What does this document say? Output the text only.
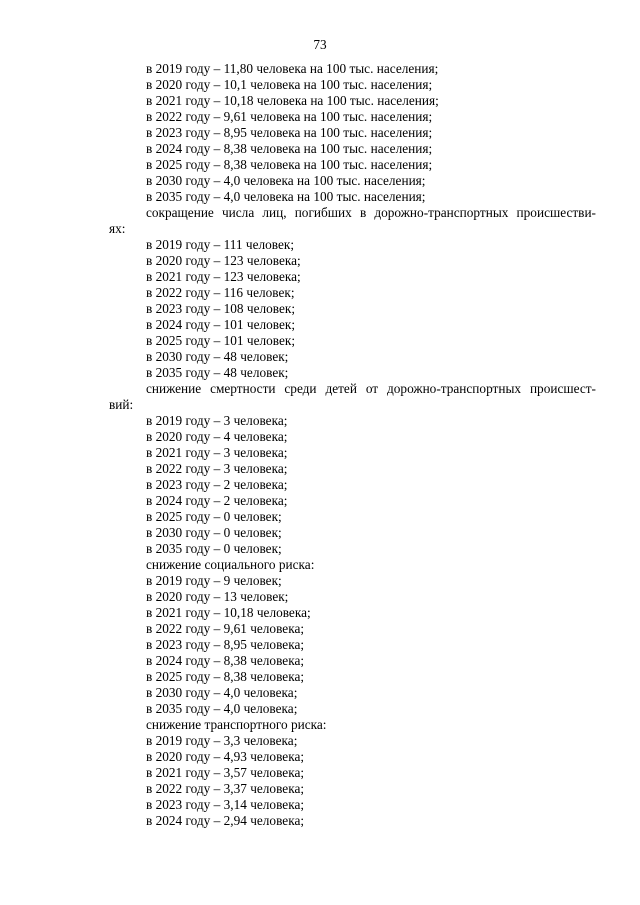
73
в 2019 году – 11,80 человека на 100 тыс. населения;
в 2020 году – 10,1 человека на 100 тыс. населения;
в 2021 году – 10,18 человека на 100 тыс. населения;
в 2022 году – 9,61 человека на 100 тыс. населения;
в 2023 году – 8,95 человека на 100 тыс. населения;
в 2024 году – 8,38 человека на 100 тыс. населения;
в 2025 году – 8,38 человека на 100 тыс. населения;
в 2030 году – 4,0 человека на 100 тыс. населения;
в 2035 году – 4,0 человека на 100 тыс. населения;
сокращение числа лиц, погибших в дорожно-транспортных происшестви-
ях:
в 2019 году – 111 человек;
в 2020 году – 123 человека;
в 2021 году – 123 человека;
в 2022 году – 116 человек;
в 2023 году – 108 человек;
в 2024 году – 101 человек;
в 2025 году – 101 человек;
в 2030 году – 48 человек;
в 2035 году – 48 человек;
снижение смертности среди детей от дорожно-транспортных происшест-
вий:
в 2019 году – 3 человека;
в 2020 году – 4 человека;
в 2021 году – 3 человека;
в 2022 году – 3 человека;
в 2023 году – 2 человека;
в 2024 году – 2 человека;
в 2025 году – 0 человек;
в 2030 году – 0 человек;
в 2035 году – 0 человек;
снижение социального риска:
в 2019 году – 9 человек;
в 2020 году – 13 человек;
в 2021 году – 10,18 человека;
в 2022 году – 9,61 человека;
в 2023 году – 8,95 человека;
в 2024 году – 8,38 человека;
в 2025 году – 8,38 человека;
в 2030 году – 4,0 человека;
в 2035 году – 4,0 человека;
снижение транспортного риска:
в 2019 году – 3,3 человека;
в 2020 году – 4,93 человека;
в 2021 году – 3,57 человека;
в 2022 году – 3,37 человека;
в 2023 году – 3,14 человека;
в 2024 году – 2,94 человека;
